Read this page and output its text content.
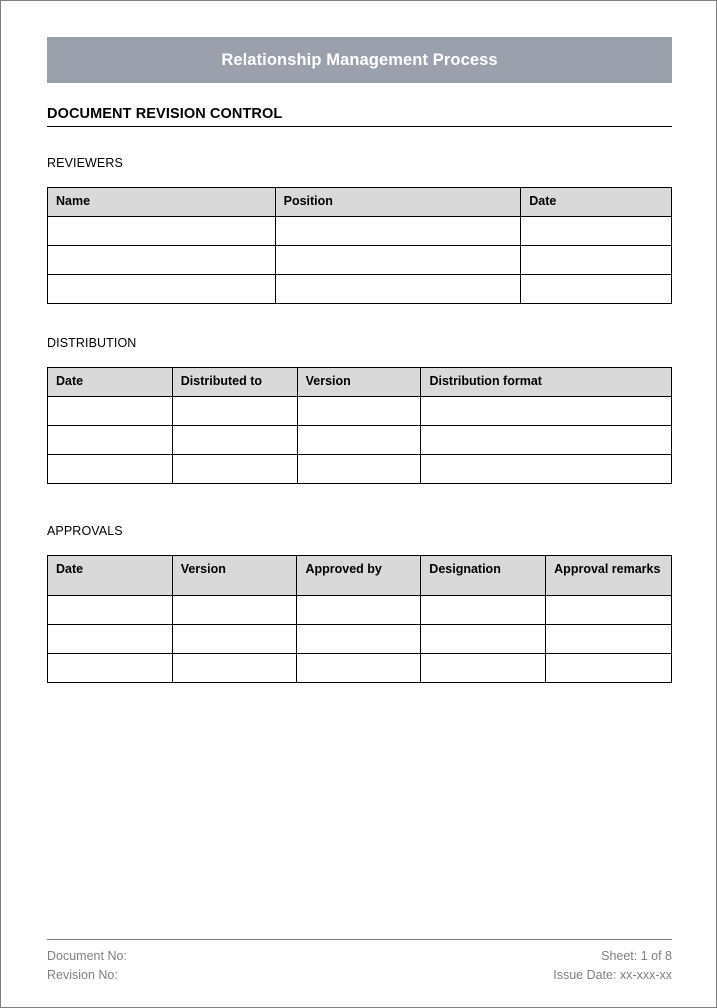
Relationship Management Process
DOCUMENT REVISION CONTROL
REVIEWERS
Name	Position	Date

DISTRIBUTION
Date	Distributed to	Version	Distribution format

APPROVALS
Date	Version	Approved by	Designation	Approval remarks

Document No:
Revision No:
Sheet: 1 of 8
Issue Date: xx-xxx-xx
